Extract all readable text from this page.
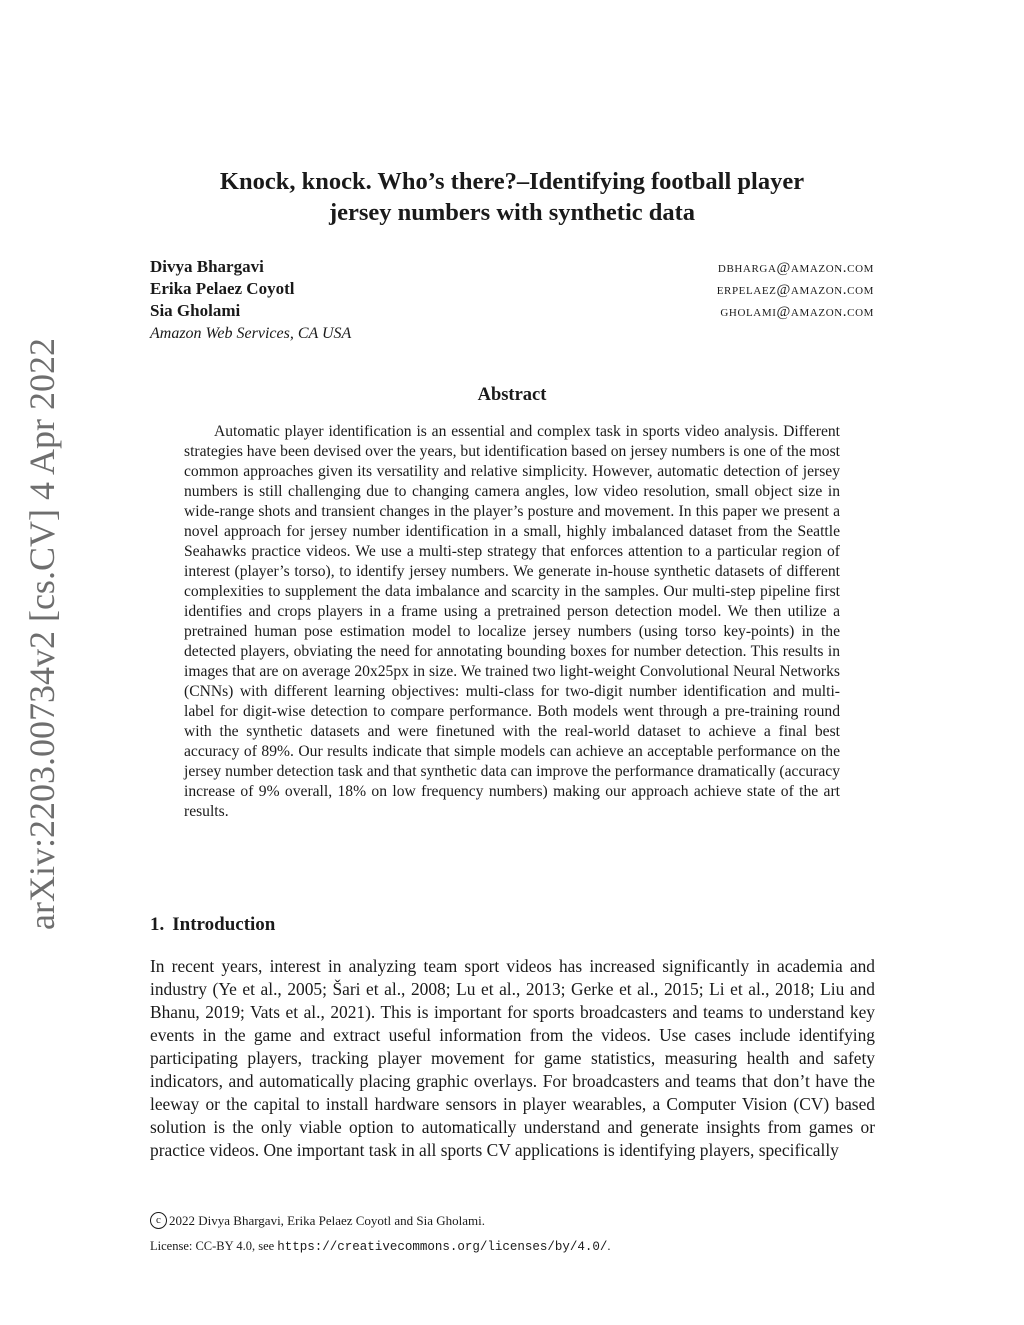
arXiv:2203.00734v2 [cs.CV] 4 Apr 2022
Knock, knock. Who’s there?–Identifying football player
jersey numbers with synthetic data
Divya Bhargavi	dbharga@amazon.com
Erika Pelaez Coyotl	erpelaez@amazon.com
Sia Gholami	gholami@amazon.com
Amazon Web Services, CA USA
Abstract
Automatic player identification is an essential and complex task in sports video analysis. Different strategies have been devised over the years, but identification based on jersey numbers is one of the most common approaches given its versatility and relative simplicity. However, automatic detection of jersey numbers is still challenging due to changing camera angles, low video resolution, small object size in wide-range shots and transient changes in the player’s posture and movement. In this paper we present a novel approach for jersey number identification in a small, highly imbalanced dataset from the Seattle Seahawks practice videos. We use a multi-step strategy that enforces attention to a particular region of interest (player’s torso), to identify jersey numbers. We generate in-house synthetic datasets of different complexities to supplement the data imbalance and scarcity in the samples. Our multi-step pipeline first identifies and crops players in a frame using a pretrained person detection model. We then utilize a pretrained human pose estimation model to localize jersey numbers (using torso key-points) in the detected players, obviating the need for annotating bounding boxes for number detection. This results in images that are on average 20x25px in size. We trained two light-weight Convolutional Neural Networks (CNNs) with different learning objectives: multi-class for two-digit number identification and multi-label for digit-wise detection to compare performance. Both models went through a pre-training round with the synthetic datasets and were finetuned with the real-world dataset to achieve a final best accuracy of 89%. Our results indicate that simple models can achieve an acceptable performance on the jersey number detection task and that synthetic data can improve the performance dramatically (accuracy increase of 9% overall, 18% on low frequency numbers) making our approach achieve state of the art results.
1. Introduction
In recent years, interest in analyzing team sport videos has increased significantly in academia and industry (Ye et al., 2005; Šari et al., 2008; Lu et al., 2013; Gerke et al., 2015; Li et al., 2018; Liu and Bhanu, 2019; Vats et al., 2021). This is important for sports broadcasters and teams to understand key events in the game and extract useful information from the videos. Use cases include identifying participating players, tracking player movement for game statistics, measuring health and safety indicators, and automatically placing graphic overlays. For broadcasters and teams that don’t have the leeway or the capital to install hardware sensors in player wearables, a Computer Vision (CV) based solution is the only viable option to automatically understand and generate insights from games or practice videos. One important task in all sports CV applications is identifying players, specifically
c 2022 Divya Bhargavi, Erika Pelaez Coyotl and Sia Gholami.
License: CC-BY 4.0, see https://creativecommons.org/licenses/by/4.0/.
